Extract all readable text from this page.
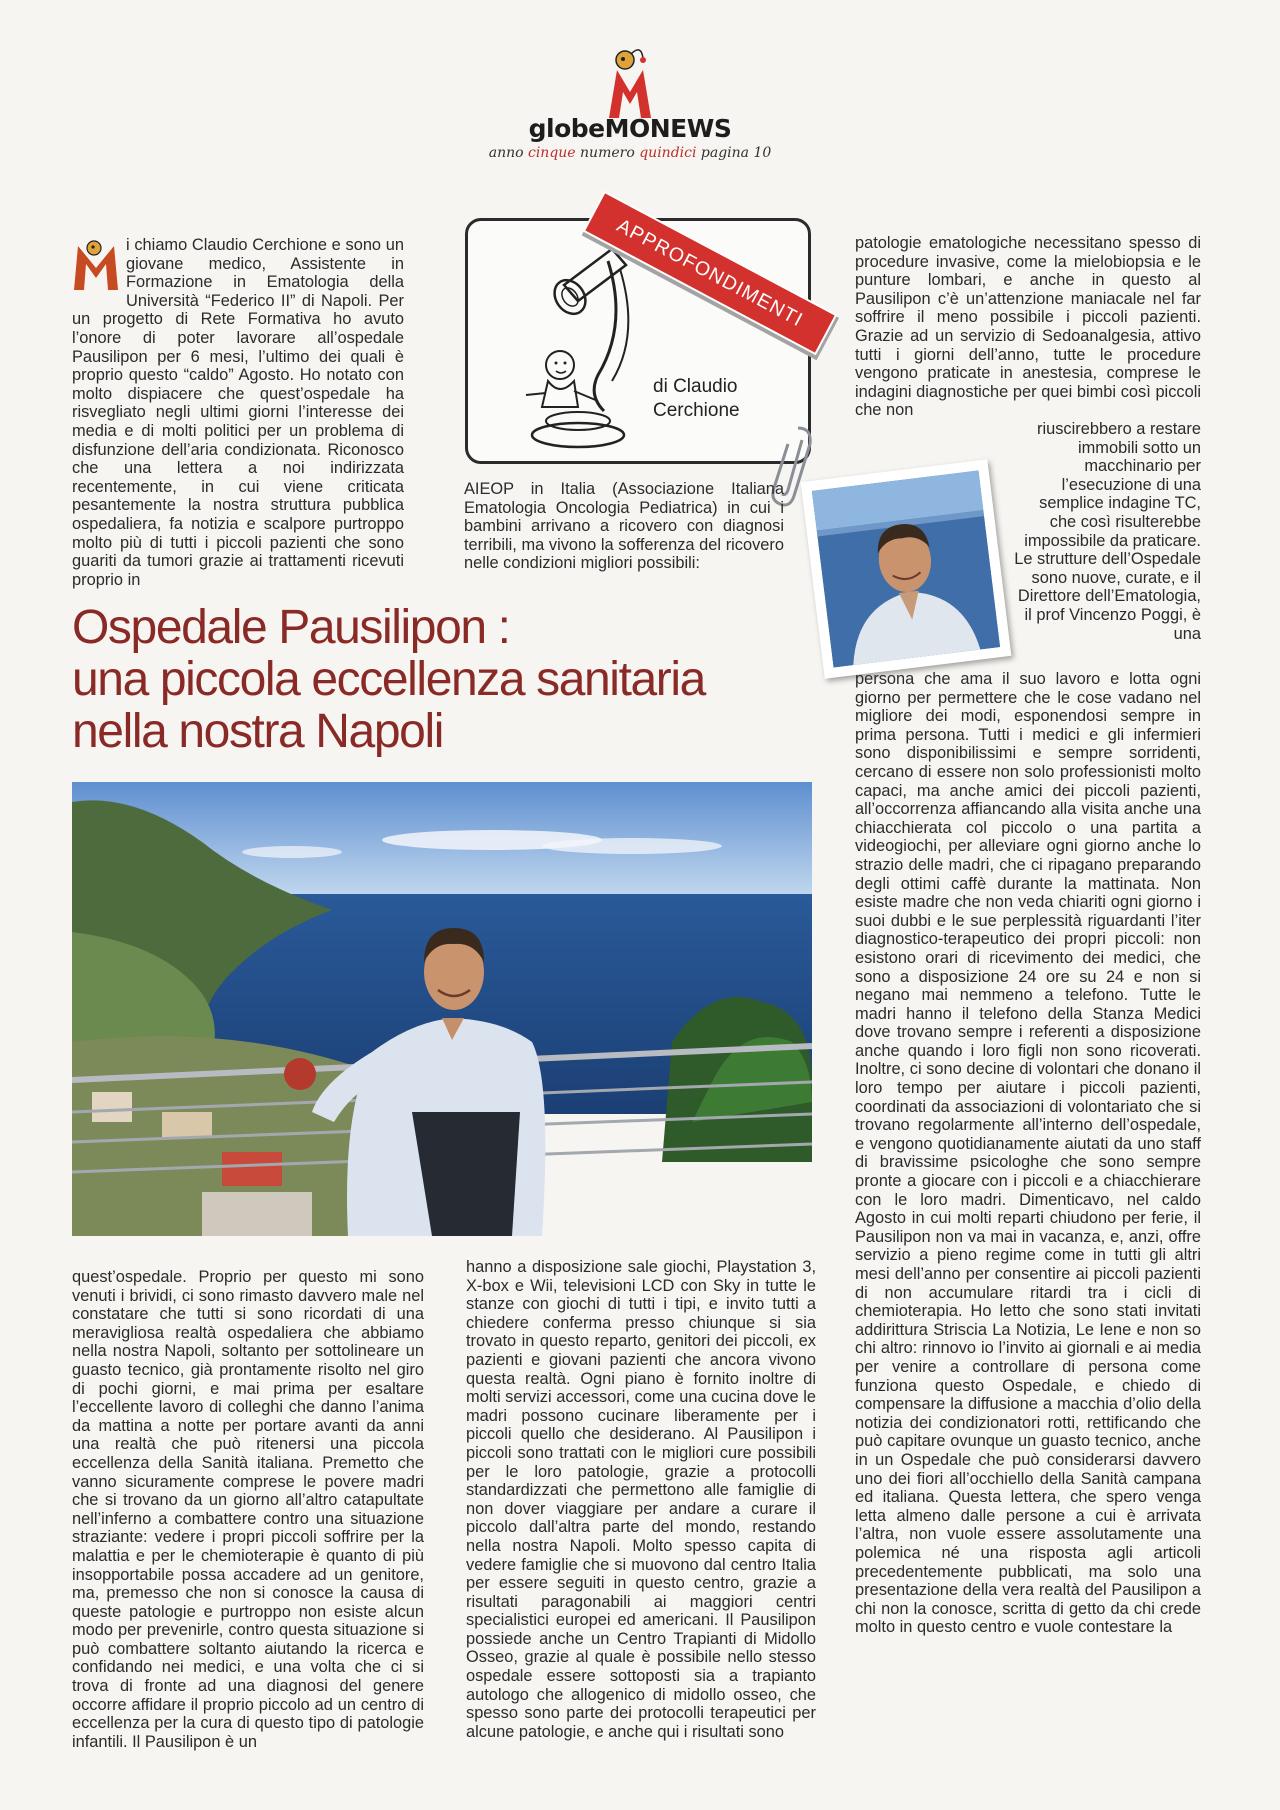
globeMONEWS
anno cinque numero quindici pagina 10

i chiamo Claudio Cerchione e sono un giovane medico, Assistente in Formazione in Ematologia della Università “Federico II” di Napoli. Per un progetto di Rete Formativa ho avuto l’onore di poter lavorare all’ospedale Pausilipon per 6 mesi, l’ultimo dei quali è proprio questo “caldo” Agosto. Ho notato con molto dispiacere che quest’ospedale ha risvegliato negli ultimi giorni l’interesse dei media e di molti politici per un problema di disfunzione dell’aria condizionata. Riconosco che una lettera a noi indirizzata recentemente, in cui viene criticata pesantemente la nostra struttura pubblica ospedaliera, fa notizia e scalpore purtroppo molto più di tutti i piccoli pazienti che sono guariti da tumori grazie ai trattamenti ricevuti proprio in

di Claudio
Cerchione
APPROFONDIMENTI

AIEOP in Italia (Associazione Italiana Ematologia Oncologia Pediatrica) in cui i bambini arrivano a ricovero con diagnosi terribili, ma vivono la sofferenza del ricovero nelle condizioni migliori possibili:

patologie ematologiche necessitano spesso di procedure invasive, come la mielobiopsia e le punture lombari, e anche in questo al Pausilipon c’è un’attenzione maniacale nel far soffrire il meno possibile i piccoli pazienti. Grazie ad un servizio di Sedoanalgesia, attivo tutti i giorni dell’anno, tutte le procedure vengono praticate in anestesia, comprese le indagini diagnostiche per quei bimbi così piccoli che non

riuscirebbero a restare immobili sotto un macchinario per l’esecuzione di una semplice indagine TC, che così risulterebbe impossibile da praticare. Le strutture dell’Ospedale sono nuove, curate, e il Direttore dell’Ematologia, il prof Vincenzo Poggi, è una

Ospedale Pausilipon :
una piccola eccellenza sanitaria
nella nostra Napoli

quest’ospedale. Proprio per questo mi sono venuti i brividi, ci sono rimasto davvero male nel constatare che tutti si sono ricordati di una meravigliosa realtà ospedaliera che abbiamo nella nostra Napoli, soltanto per sottolineare un guasto tecnico, già prontamente risolto nel giro di pochi giorni, e mai prima per esaltare l’eccellente lavoro di colleghi che danno l’anima da mattina a notte per portare avanti da anni una realtà che può ritenersi una piccola eccellenza della Sanità italiana. Premetto che vanno sicuramente comprese le povere madri che si trovano da un giorno all’altro catapultate nell’inferno a combattere contro una situazione straziante: vedere i propri piccoli soffrire per la malattia e per le chemioterapie è quanto di più insopportabile possa accadere ad un genitore, ma, premesso che non si conosce la causa di queste patologie e purtroppo non esiste alcun modo per prevenirle, contro questa situazione si può combattere soltanto aiutando la ricerca e confidando nei medici, e una volta che ci si trova di fronte ad una diagnosi del genere occorre affidare il proprio piccolo ad un centro di eccellenza per la cura di questo tipo di patologie infantili. Il Pausilipon è un

hanno a disposizione sale giochi, Playstation 3, X-box e Wii, televisioni LCD con Sky in tutte le stanze con giochi di tutti i tipi, e invito tutti a chiedere conferma presso chiunque si sia trovato in questo reparto, genitori dei piccoli, ex pazienti e giovani pazienti che ancora vivono questa realtà. Ogni piano è fornito inoltre di molti servizi accessori, come una cucina dove le madri possono cucinare liberamente per i piccoli quello che desiderano. Al Pausilipon i piccoli sono trattati con le migliori cure possibili per le loro patologie, grazie a protocolli standardizzati che permettono alle famiglie di non dover viaggiare per andare a curare il piccolo dall’altra parte del mondo, restando nella nostra Napoli. Molto spesso capita di vedere famiglie che si muovono dal centro Italia per essere seguiti in questo centro, grazie a risultati paragonabili ai maggiori centri specialistici europei ed americani. Il Pausilipon possiede anche un Centro Trapianti di Midollo Osseo, grazie al quale è possibile nello stesso ospedale essere sottoposti sia a trapianto autologo che allogenico di midollo osseo, che spesso sono parte dei protocolli terapeutici per alcune patologie, e anche qui i risultati sono

persona che ama il suo lavoro e lotta ogni giorno per permettere che le cose vadano nel migliore dei modi, esponendosi sempre in prima persona. Tutti i medici e gli infermieri sono disponibilissimi e sempre sorridenti, cercano di essere non solo professionisti molto capaci, ma anche amici dei piccoli pazienti, all’occorrenza affiancando alla visita anche una chiacchierata col piccolo o una partita a videogiochi, per alleviare ogni giorno anche lo strazio delle madri, che ci ripagano preparando degli ottimi caffè durante la mattinata. Non esiste madre che non veda chiariti ogni giorno i suoi dubbi e le sue perplessità riguardanti l’iter diagnostico-terapeutico dei propri piccoli: non esistono orari di ricevimento dei medici, che sono a disposizione 24 ore su 24 e non si negano mai nemmeno a telefono. Tutte le madri hanno il telefono della Stanza Medici dove trovano sempre i referenti a disposizione anche quando i loro figli non sono ricoverati. Inoltre, ci sono decine di volontari che donano il loro tempo per aiutare i piccoli pazienti, coordinati da associazioni di volontariato che si trovano regolarmente all’interno dell’ospedale, e vengono quotidianamente aiutati da uno staff di bravissime psicologhe che sono sempre pronte a giocare con i piccoli e a chiacchierare con le loro madri. Dimenticavo, nel caldo Agosto in cui molti reparti chiudono per ferie, il Pausilipon non va mai in vacanza, e, anzi, offre servizio a pieno regime come in tutti gli altri mesi dell’anno per consentire ai piccoli pazienti di non accumulare ritardi tra i cicli di chemioterapia. Ho letto che sono stati invitati addirittura Striscia La Notizia, Le Iene e non so chi altro: rinnovo io l’invito ai giornali e ai media per venire a controllare di persona come funziona questo Ospedale, e chiedo di compensare la diffusione a macchia d’olio della notizia dei condizionatori rotti, rettificando che può capitare ovunque un guasto tecnico, anche in un Ospedale che può considerarsi davvero uno dei fiori all’occhiello della Sanità campana ed italiana. Questa lettera, che spero venga letta almeno dalle persone a cui è arrivata l’altra, non vuole essere assolutamente una polemica né una risposta agli articoli precedentemente pubblicati, ma solo una presentazione della vera realtà del Pausilipon a chi non la conosce, scritta di getto da chi crede molto in questo centro e vuole contestare la
